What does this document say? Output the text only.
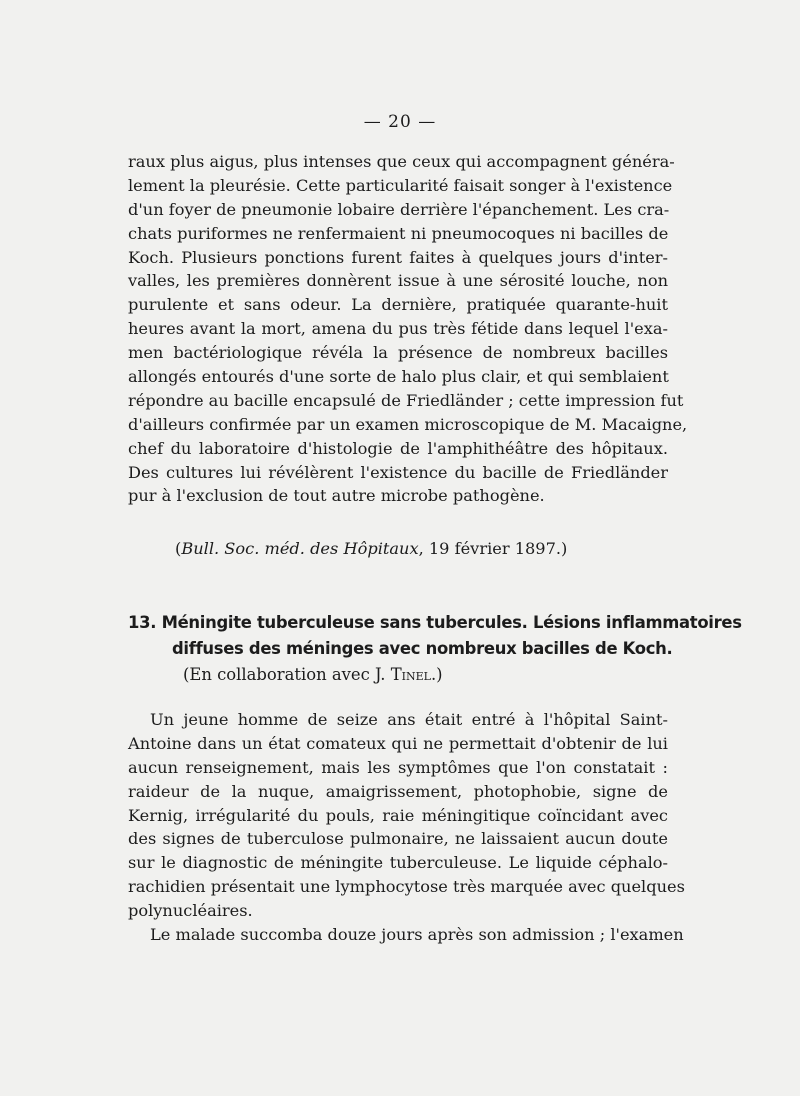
— 20 —
raux plus aigus, plus intenses que ceux qui accompagnent généra-
lement la pleurésie. Cette particularité faisait songer à l'existence
d'un foyer de pneumonie lobaire derrière l'épanchement. Les cra-
chats puriformes ne renfermaient ni pneumocoques ni bacilles de
Koch. Plusieurs ponctions furent faites à quelques jours d'inter-
valles, les premières donnèrent issue à une sérosité louche, non
purulente et sans odeur. La dernière, pratiquée quarante-huit
heures avant la mort, amena du pus très fétide dans lequel l'exa-
men bactériologique révéla la présence de nombreux bacilles
allongés entourés d'une sorte de halo plus clair, et qui semblaient
répondre au bacille encapsulé de Friedländer ; cette impression fut
d'ailleurs confirmée par un examen microscopique de M. Macaigne,
chef du laboratoire d'histologie de l'amphithéâtre des hôpitaux.
Des cultures lui révélèrent l'existence du bacille de Friedländer
pur à l'exclusion de tout autre microbe pathogène.
(Bull. Soc. méd. des Hôpitaux, 19 février 1897.)
13. Méningite tuberculeuse sans tubercules. Lésions inflammatoires
diffuses des méninges avec nombreux bacilles de Koch.
(En collaboration avec J. Tinel.)
Un jeune homme de seize ans était entré à l'hôpital Saint-
Antoine dans un état comateux qui ne permettait d'obtenir de lui
aucun renseignement, mais les symptômes que l'on constatait :
raideur de la nuque, amaigrissement, photophobie, signe de
Kernig, irrégularité du pouls, raie méningitique coïncidant avec
des signes de tuberculose pulmonaire, ne laissaient aucun doute
sur le diagnostic de méningite tuberculeuse. Le liquide céphalo-
rachidien présentait une lymphocytose très marquée avec quelques
polynucléaires.
Le malade succomba douze jours après son admission ; l'examen
